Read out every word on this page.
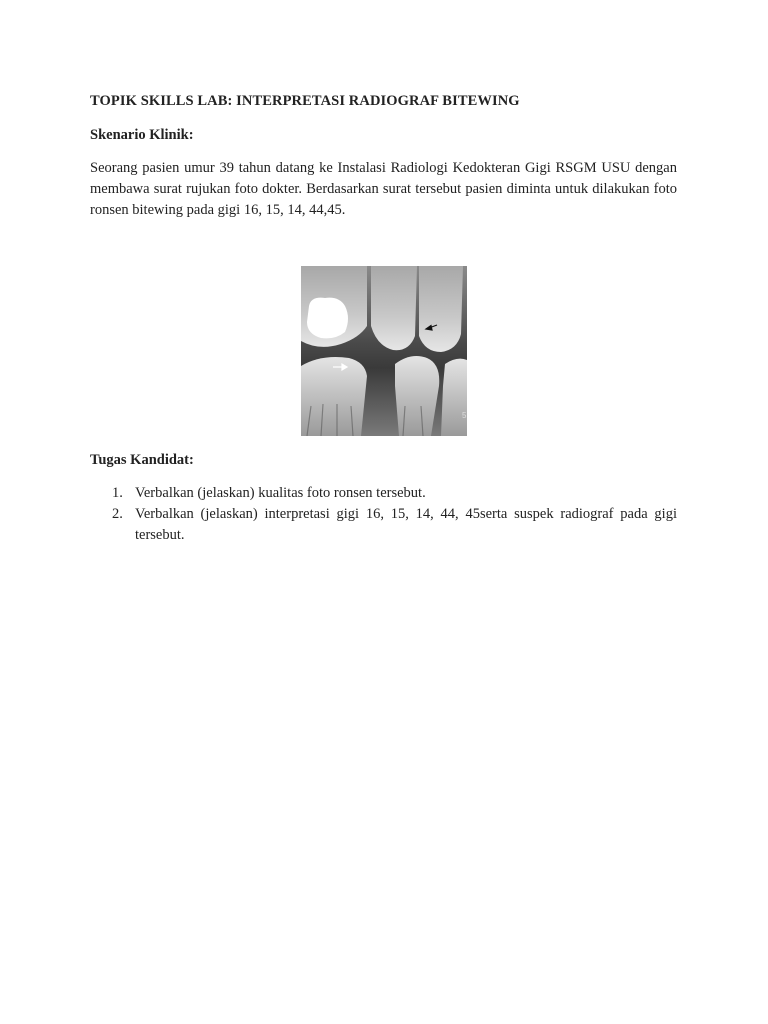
TOPIK SKILLS LAB: INTERPRETASI RADIOGRAF BITEWING
Skenario Klinik:
Seorang pasien umur 39 tahun datang ke Instalasi Radiologi Kedokteran Gigi RSGM USU dengan membawa surat rujukan foto dokter. Berdasarkan surat tersebut pasien diminta untuk dilakukan foto ronsen bitewing pada gigi 16, 15, 14, 44,45.
5
Tugas Kandidat:
1. Verbalkan (jelaskan) kualitas foto ronsen tersebut.
2. Verbalkan (jelaskan) interpretasi gigi 16, 15, 14, 44, 45serta suspek radiograf pada gigi tersebut.
